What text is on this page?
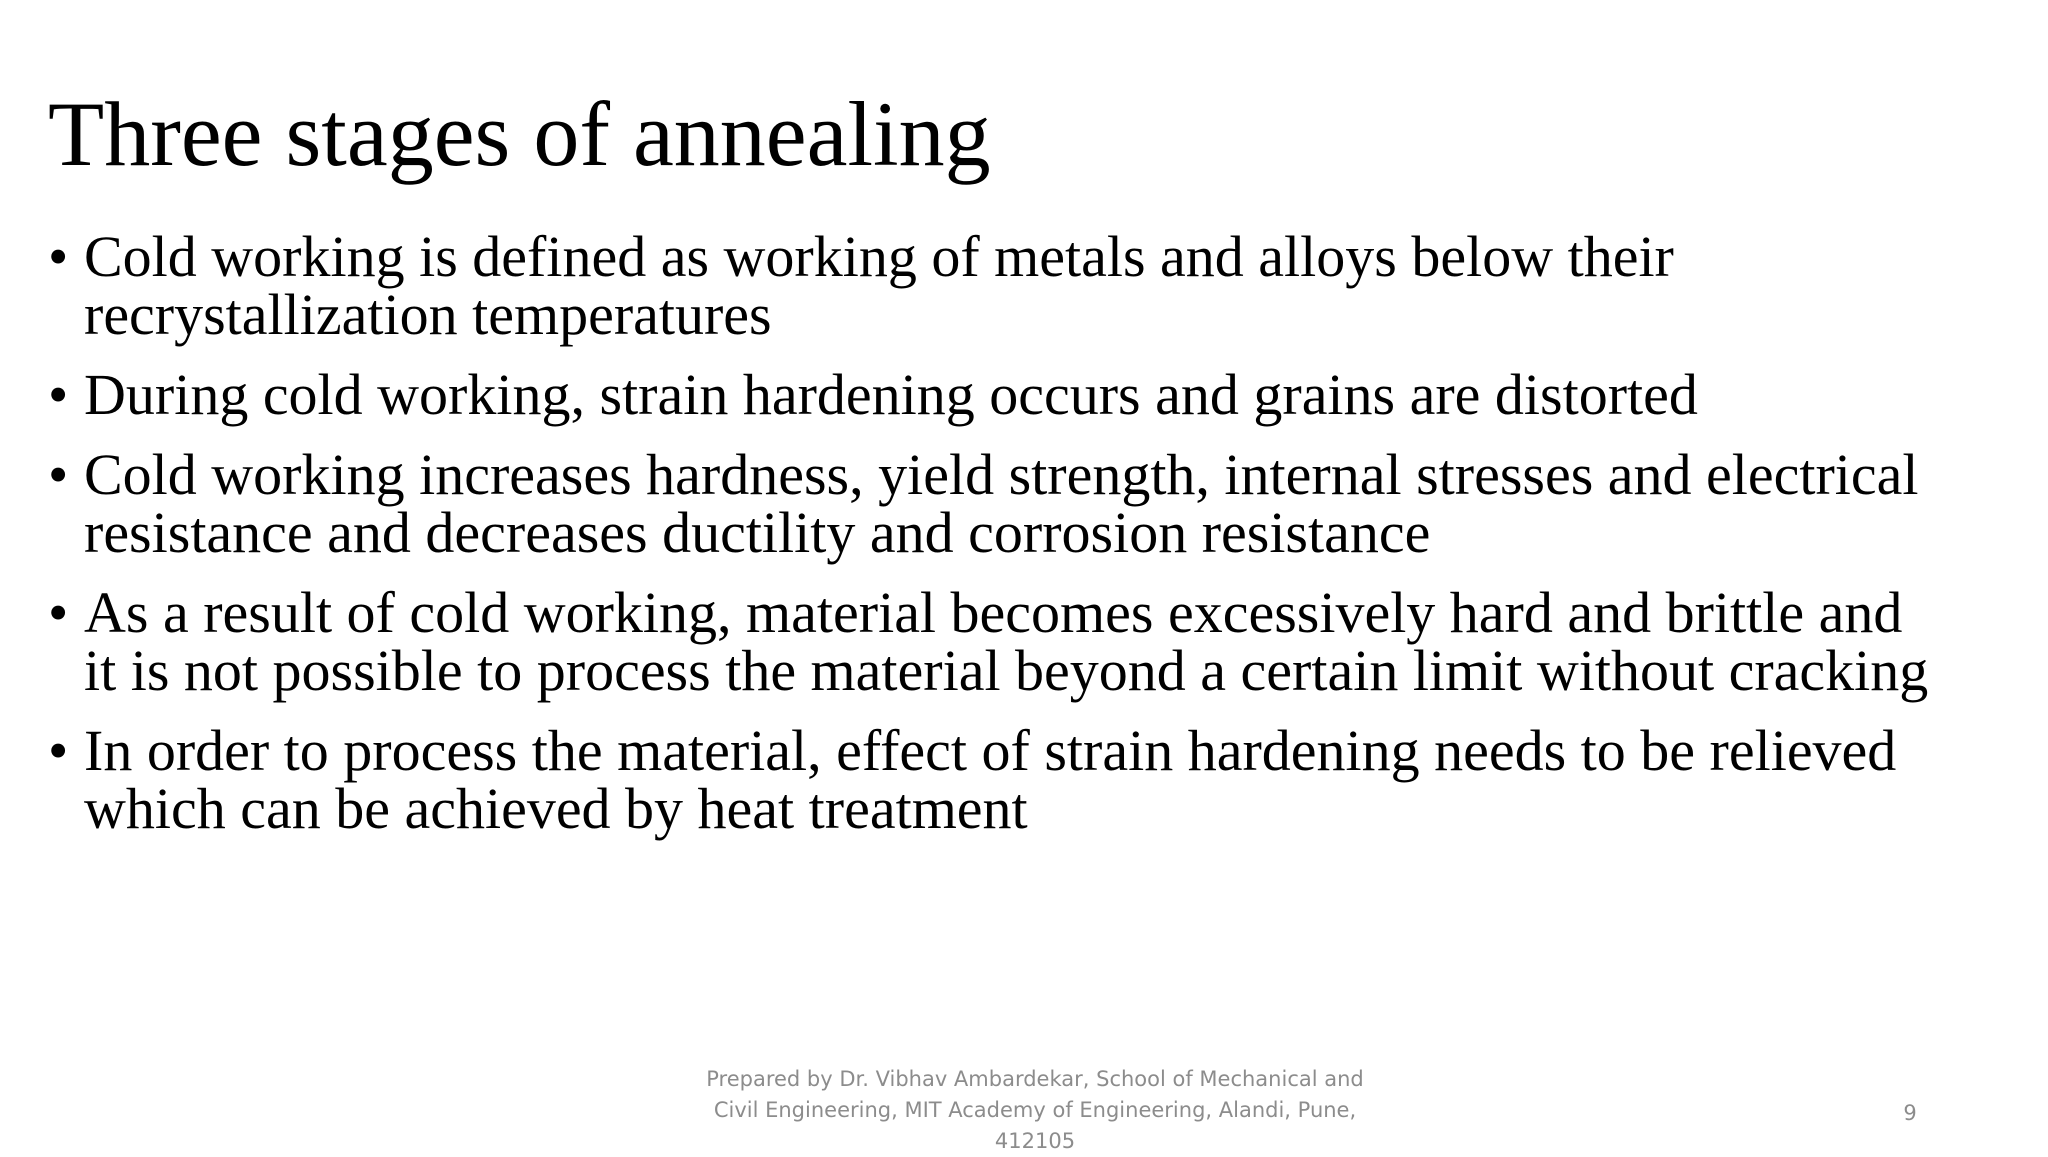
Three stages of annealing
• Cold working is defined as working of metals and alloys below their recrystallization temperatures
• During cold working, strain hardening occurs and grains are distorted
• Cold working increases hardness, yield strength, internal stresses and electrical resistance and decreases ductility and corrosion resistance
• As a result of cold working, material becomes excessively hard and brittle and it is not possible to process the material beyond a certain limit without cracking
• In order to process the material, effect of strain hardening needs to be relieved which can be achieved by heat treatment
Prepared by Dr. Vibhav Ambardekar, School of Mechanical and
Civil Engineering, MIT Academy of Engineering, Alandi, Pune,
412105
9
